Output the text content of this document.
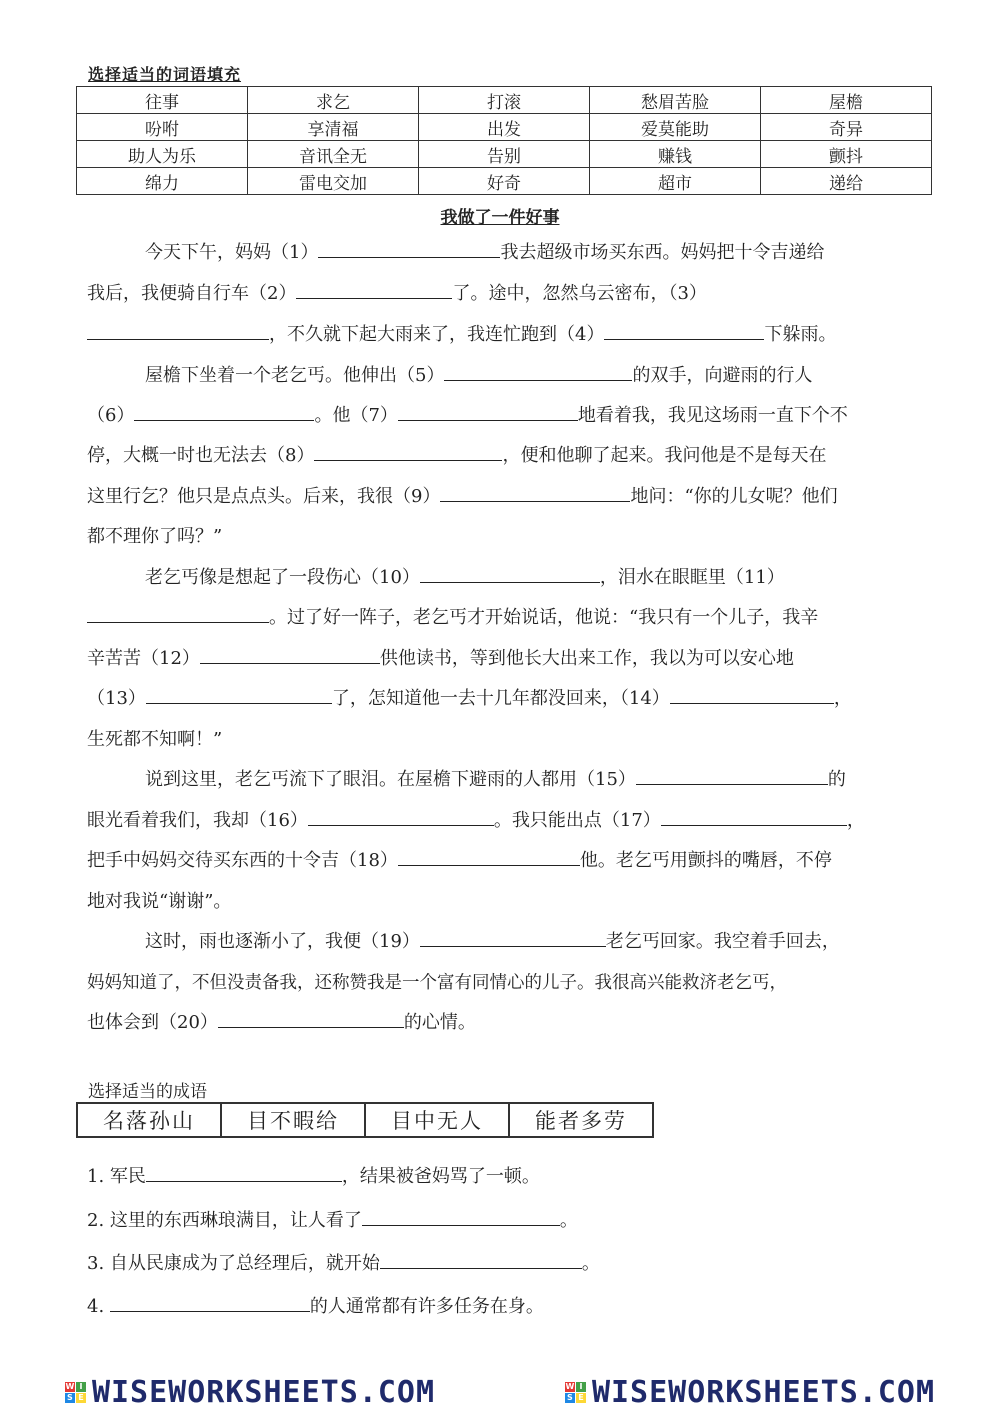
选择适当的词语填充
往事	求乞	打滚	愁眉苦脸	屋檐
吩咐	享清福	出发	爱莫能助	奇异
助人为乐	音讯全无	告别	赚钱	颤抖
绵力	雷电交加	好奇	超市	递给
我做了一件好事
今天下午，妈妈（1）	我去超级市场买东西。妈妈把十令吉递给
我后，我便骑自行车（2）	了。途中，忽然乌云密布，（3）
，不久就下起大雨来了，我连忙跑到（4）	下躲雨。
屋檐下坐着一个老乞丐。他伸出（5）	的双手，向避雨的行人
（6）	。他（7）	地看着我，我见这场雨一直下个不
停，大概一时也无法去（8）	，便和他聊了起来。我问他是不是每天在
这里行乞？他只是点点头。后来，我很（9）	地问：“你的儿女呢？他们
都不理你了吗？”
老乞丐像是想起了一段伤心（10）	，泪水在眼眶里（11）
。过了好一阵子，老乞丐才开始说话，他说：“我只有一个儿子，我辛
辛苦苦（12）	供他读书，等到他长大出来工作，我以为可以安心地
（13）	了，怎知道他一去十几年都没回来，（14）	，
生死都不知啊！”
说到这里，老乞丐流下了眼泪。在屋檐下避雨的人都用（15）	的
眼光看着我们，我却（16）	。我只能出点（17）	，
把手中妈妈交待买东西的十令吉（18）	他。老乞丐用颤抖的嘴唇，不停
地对我说“谢谢”。
这时，雨也逐渐小了，我便（19）	老乞丐回家。我空着手回去，
妈妈知道了，不但没责备我，还称赞我是一个富有同情心的儿子。我很高兴能救济老乞丐，
也体会到（20）	的心情。
选择适当的成语
名落孙山	目不暇给	目中无人	能者多劳
1. 军民	，结果被爸妈骂了一顿。
2. 这里的东西琳琅满目，让人看了	。
3. 自从民康成为了总经理后，就开始	。
4.	的人通常都有许多任务在身。
W I
S E WISEWORKSHEETS.COM	W I
S E WISEWORKSHEETS.COM
